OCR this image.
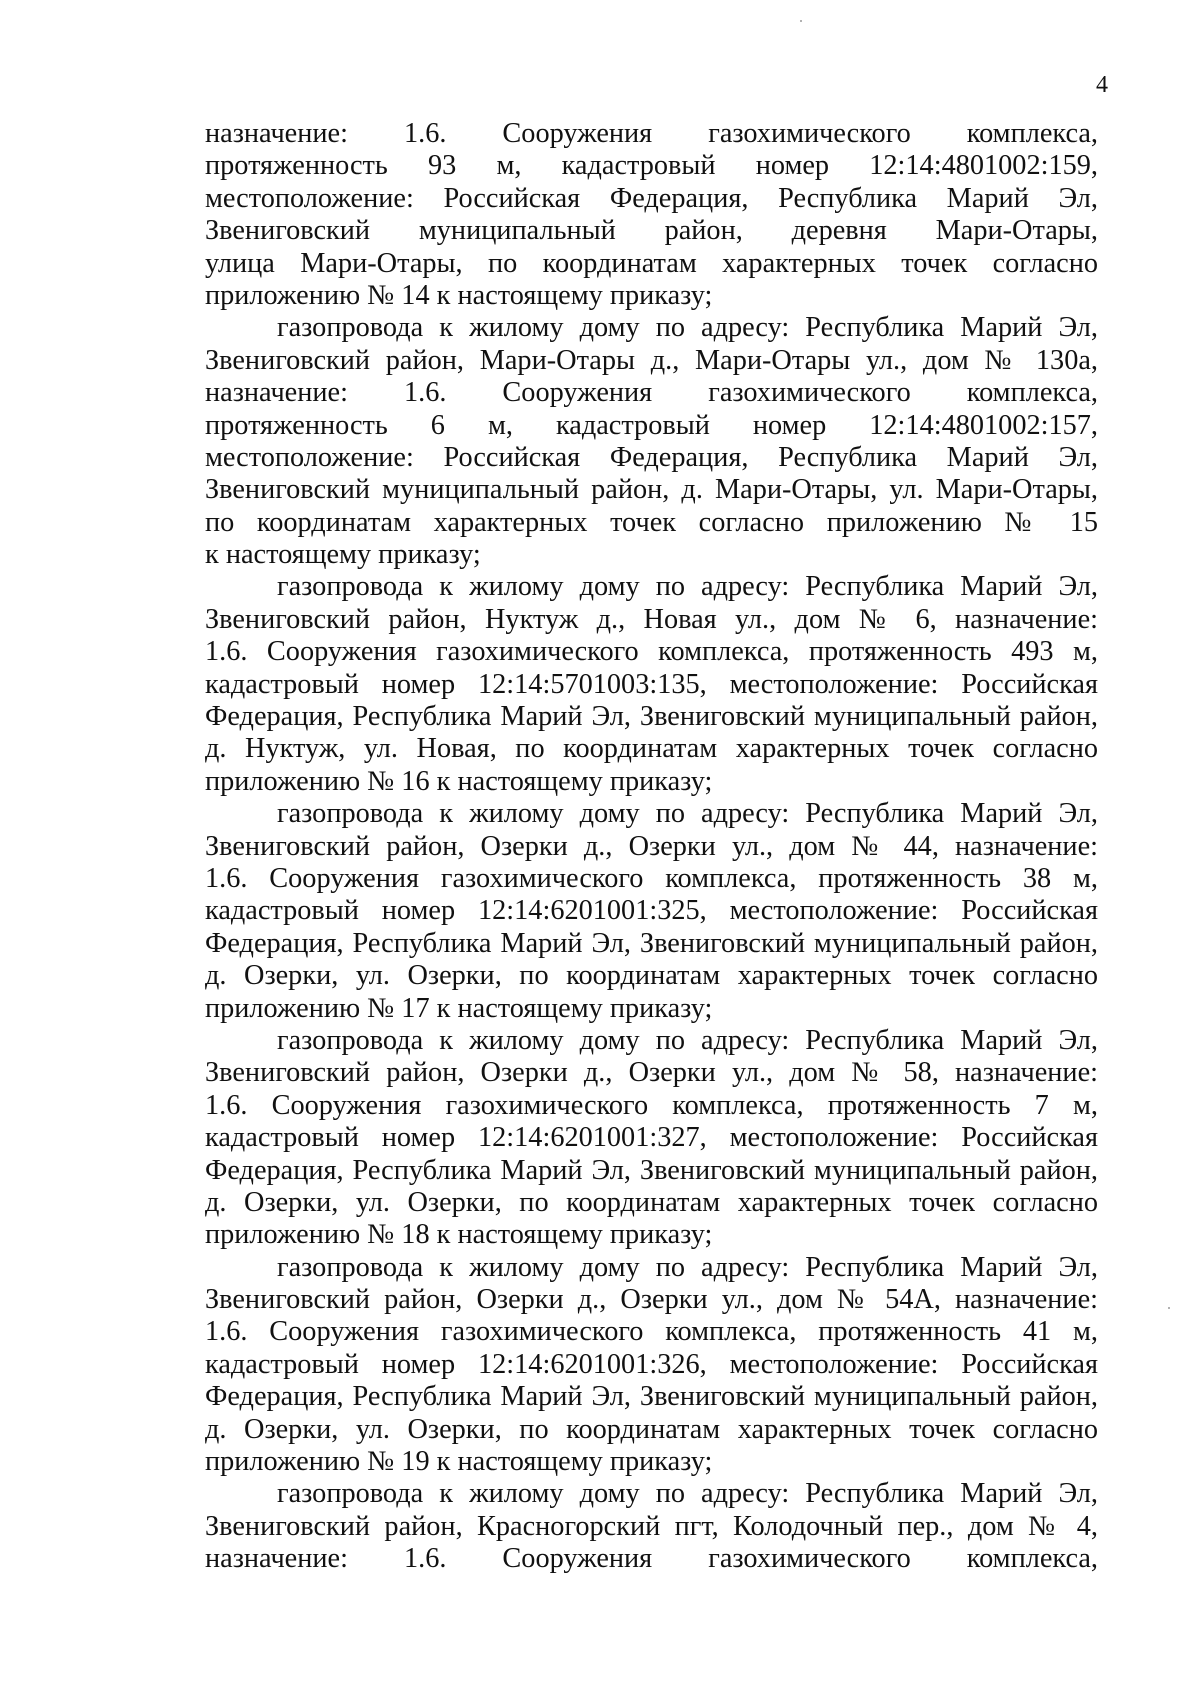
4
назначение: 1.6. Сооружения газохимического комплекса,
протяженность 93 м, кадастровый номер 12:14:4801002:159,
местоположение: Российская Федерация, Республика Марий Эл,
Звениговский муниципальный район, деревня Мари-Отары,
улица Мари-Отары, по координатам характерных точек согласно
приложению № 14 к настоящему приказу;
газопровода к жилому дому по адресу: Республика Марий Эл,
Звениговский район, Мари-Отары д., Мари-Отары ул., дом № 130а,
назначение: 1.6. Сооружения газохимического комплекса,
протяженность 6 м, кадастровый номер 12:14:4801002:157,
местоположение: Российская Федерация, Республика Марий Эл,
Звениговский муниципальный район, д. Мари-Отары, ул. Мари-Отары,
по координатам характерных точек согласно приложению № 15
к настоящему приказу;
газопровода к жилому дому по адресу: Республика Марий Эл,
Звениговский район, Нуктуж д., Новая ул., дом № 6, назначение:
1.6. Сооружения газохимического комплекса, протяженность 493 м,
кадастровый номер 12:14:5701003:135, местоположение: Российская
Федерация, Республика Марий Эл, Звениговский муниципальный район,
д. Нуктуж, ул. Новая, по координатам характерных точек согласно
приложению № 16 к настоящему приказу;
газопровода к жилому дому по адресу: Республика Марий Эл,
Звениговский район, Озерки д., Озерки ул., дом № 44, назначение:
1.6. Сооружения газохимического комплекса, протяженность 38 м,
кадастровый номер 12:14:6201001:325, местоположение: Российская
Федерация, Республика Марий Эл, Звениговский муниципальный район,
д. Озерки, ул. Озерки, по координатам характерных точек согласно
приложению № 17 к настоящему приказу;
газопровода к жилому дому по адресу: Республика Марий Эл,
Звениговский район, Озерки д., Озерки ул., дом № 58, назначение:
1.6. Сооружения газохимического комплекса, протяженность 7 м,
кадастровый номер 12:14:6201001:327, местоположение: Российская
Федерация, Республика Марий Эл, Звениговский муниципальный район,
д. Озерки, ул. Озерки, по координатам характерных точек согласно
приложению № 18 к настоящему приказу;
газопровода к жилому дому по адресу: Республика Марий Эл,
Звениговский район, Озерки д., Озерки ул., дом № 54А, назначение:
1.6. Сооружения газохимического комплекса, протяженность 41 м,
кадастровый номер 12:14:6201001:326, местоположение: Российская
Федерация, Республика Марий Эл, Звениговский муниципальный район,
д. Озерки, ул. Озерки, по координатам характерных точек согласно
приложению № 19 к настоящему приказу;
газопровода к жилому дому по адресу: Республика Марий Эл,
Звениговский район, Красногорский пгт, Колодочный пер., дом № 4,
назначение: 1.6. Сооружения газохимического комплекса,
